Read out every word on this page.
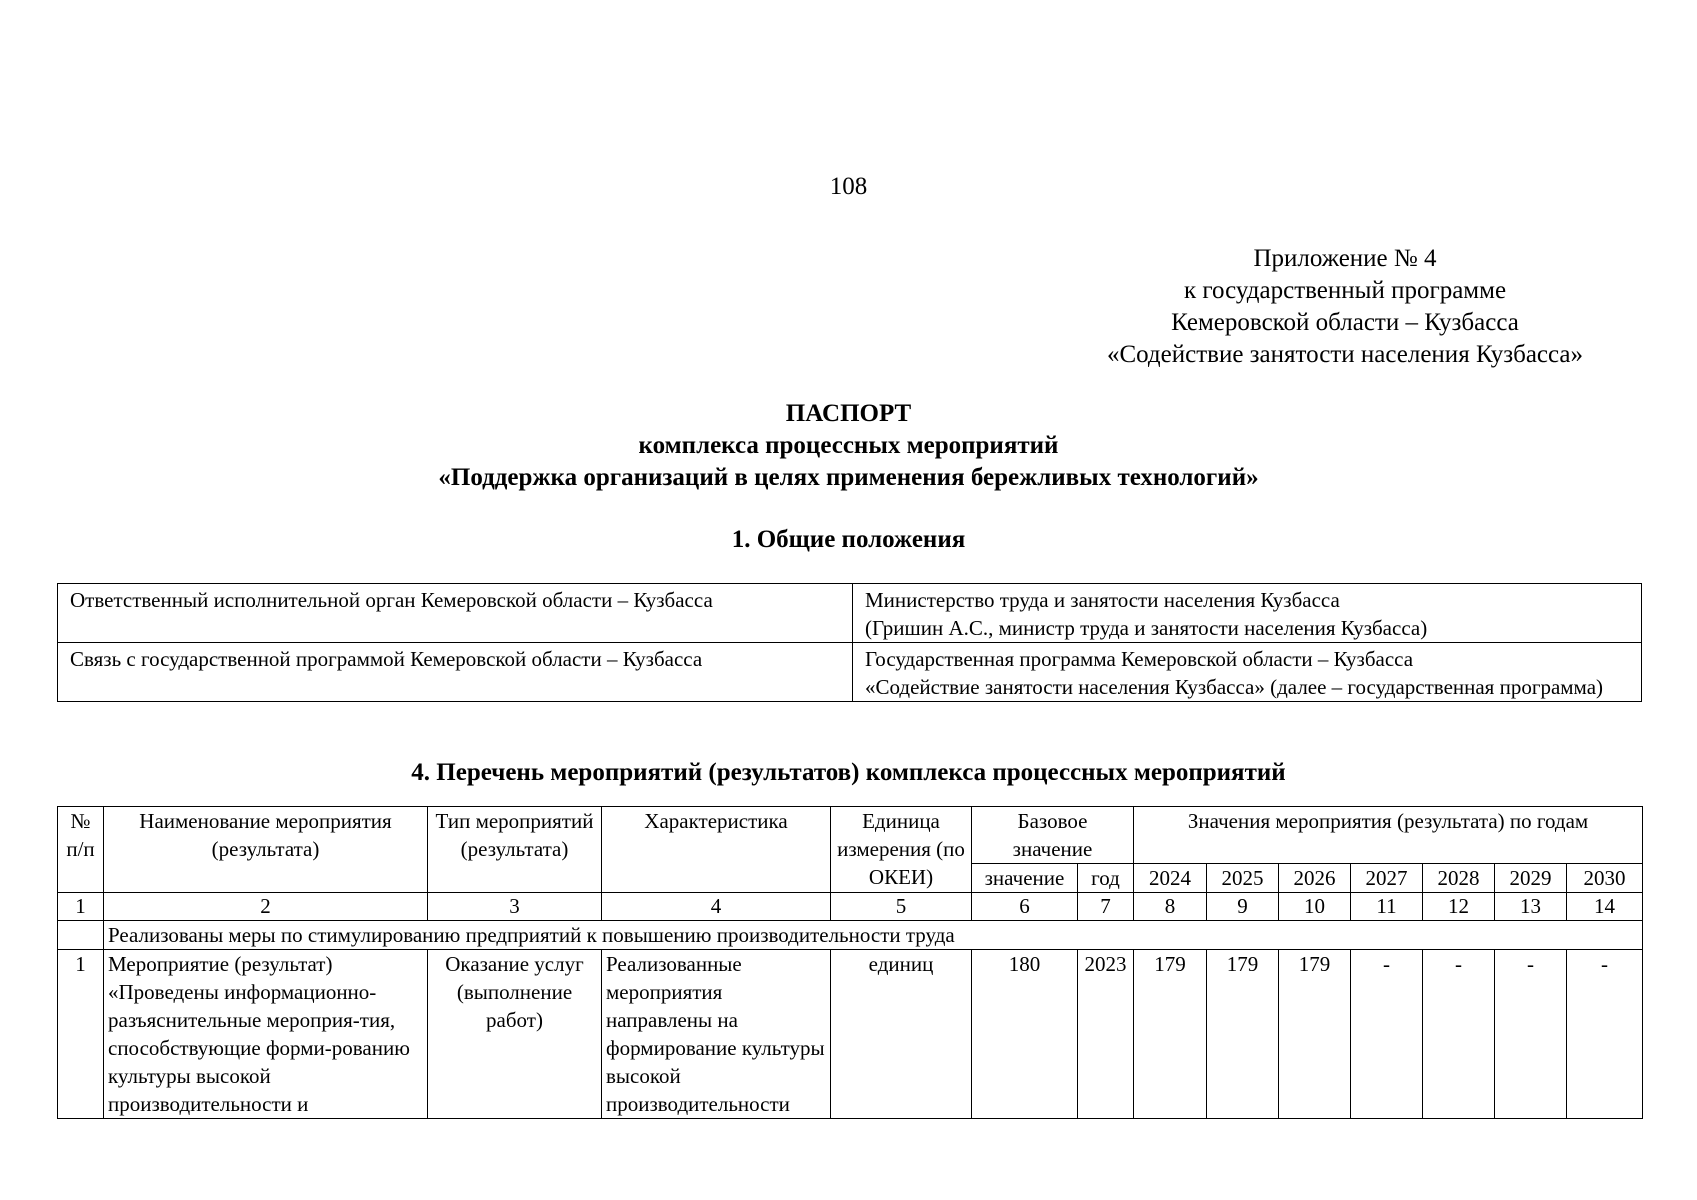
108
Приложение № 4
к государственный программе
Кемеровской области – Кузбасса
«Содействие занятости населения Кузбасса»
ПАСПОРТ
комплекса процессных мероприятий
«Поддержка организаций в целях применения бережливых технологий»
1. Общие положения
Ответственный исполнительной орган Кемеровской области – Кузбасса	Министерство труда и занятости населения Кузбасса
(Гришин А.С., министр труда и занятости населения Кузбасса)

Связь с государственной программой Кемеровской области – Кузбасса	Государственная программа Кемеровской области – Кузбасса
«Содействие занятости населения Кузбасса» (далее – государственная программа)
4. Перечень мероприятий (результатов) комплекса процессных мероприятий
№ п/п	Наименование мероприятия (результата)	Тип мероприятий (результата)	Характеристика	Единица измерения (по ОКЕИ)	Базовое значение		Значения мероприятия (результата) по годам						
					значение	год	2024	2025	2026	2027	2028	2029	2030
1	2	3	4	5	6	7	8	9	10	11	12	13	14
	Реализованы меры по стимулированию предприятий к повышению производительности труда												
1	Мероприятие (результат) «Проведены информационно-разъяснительные мероприя-тия, способствующие форми-рованию культуры высокой производительности и	Оказание услуг (выполнение работ)	Реализованные мероприятия направлены на формирование культуры высокой производительности	единиц	180	2023	179	179	179	-	-	-	-
